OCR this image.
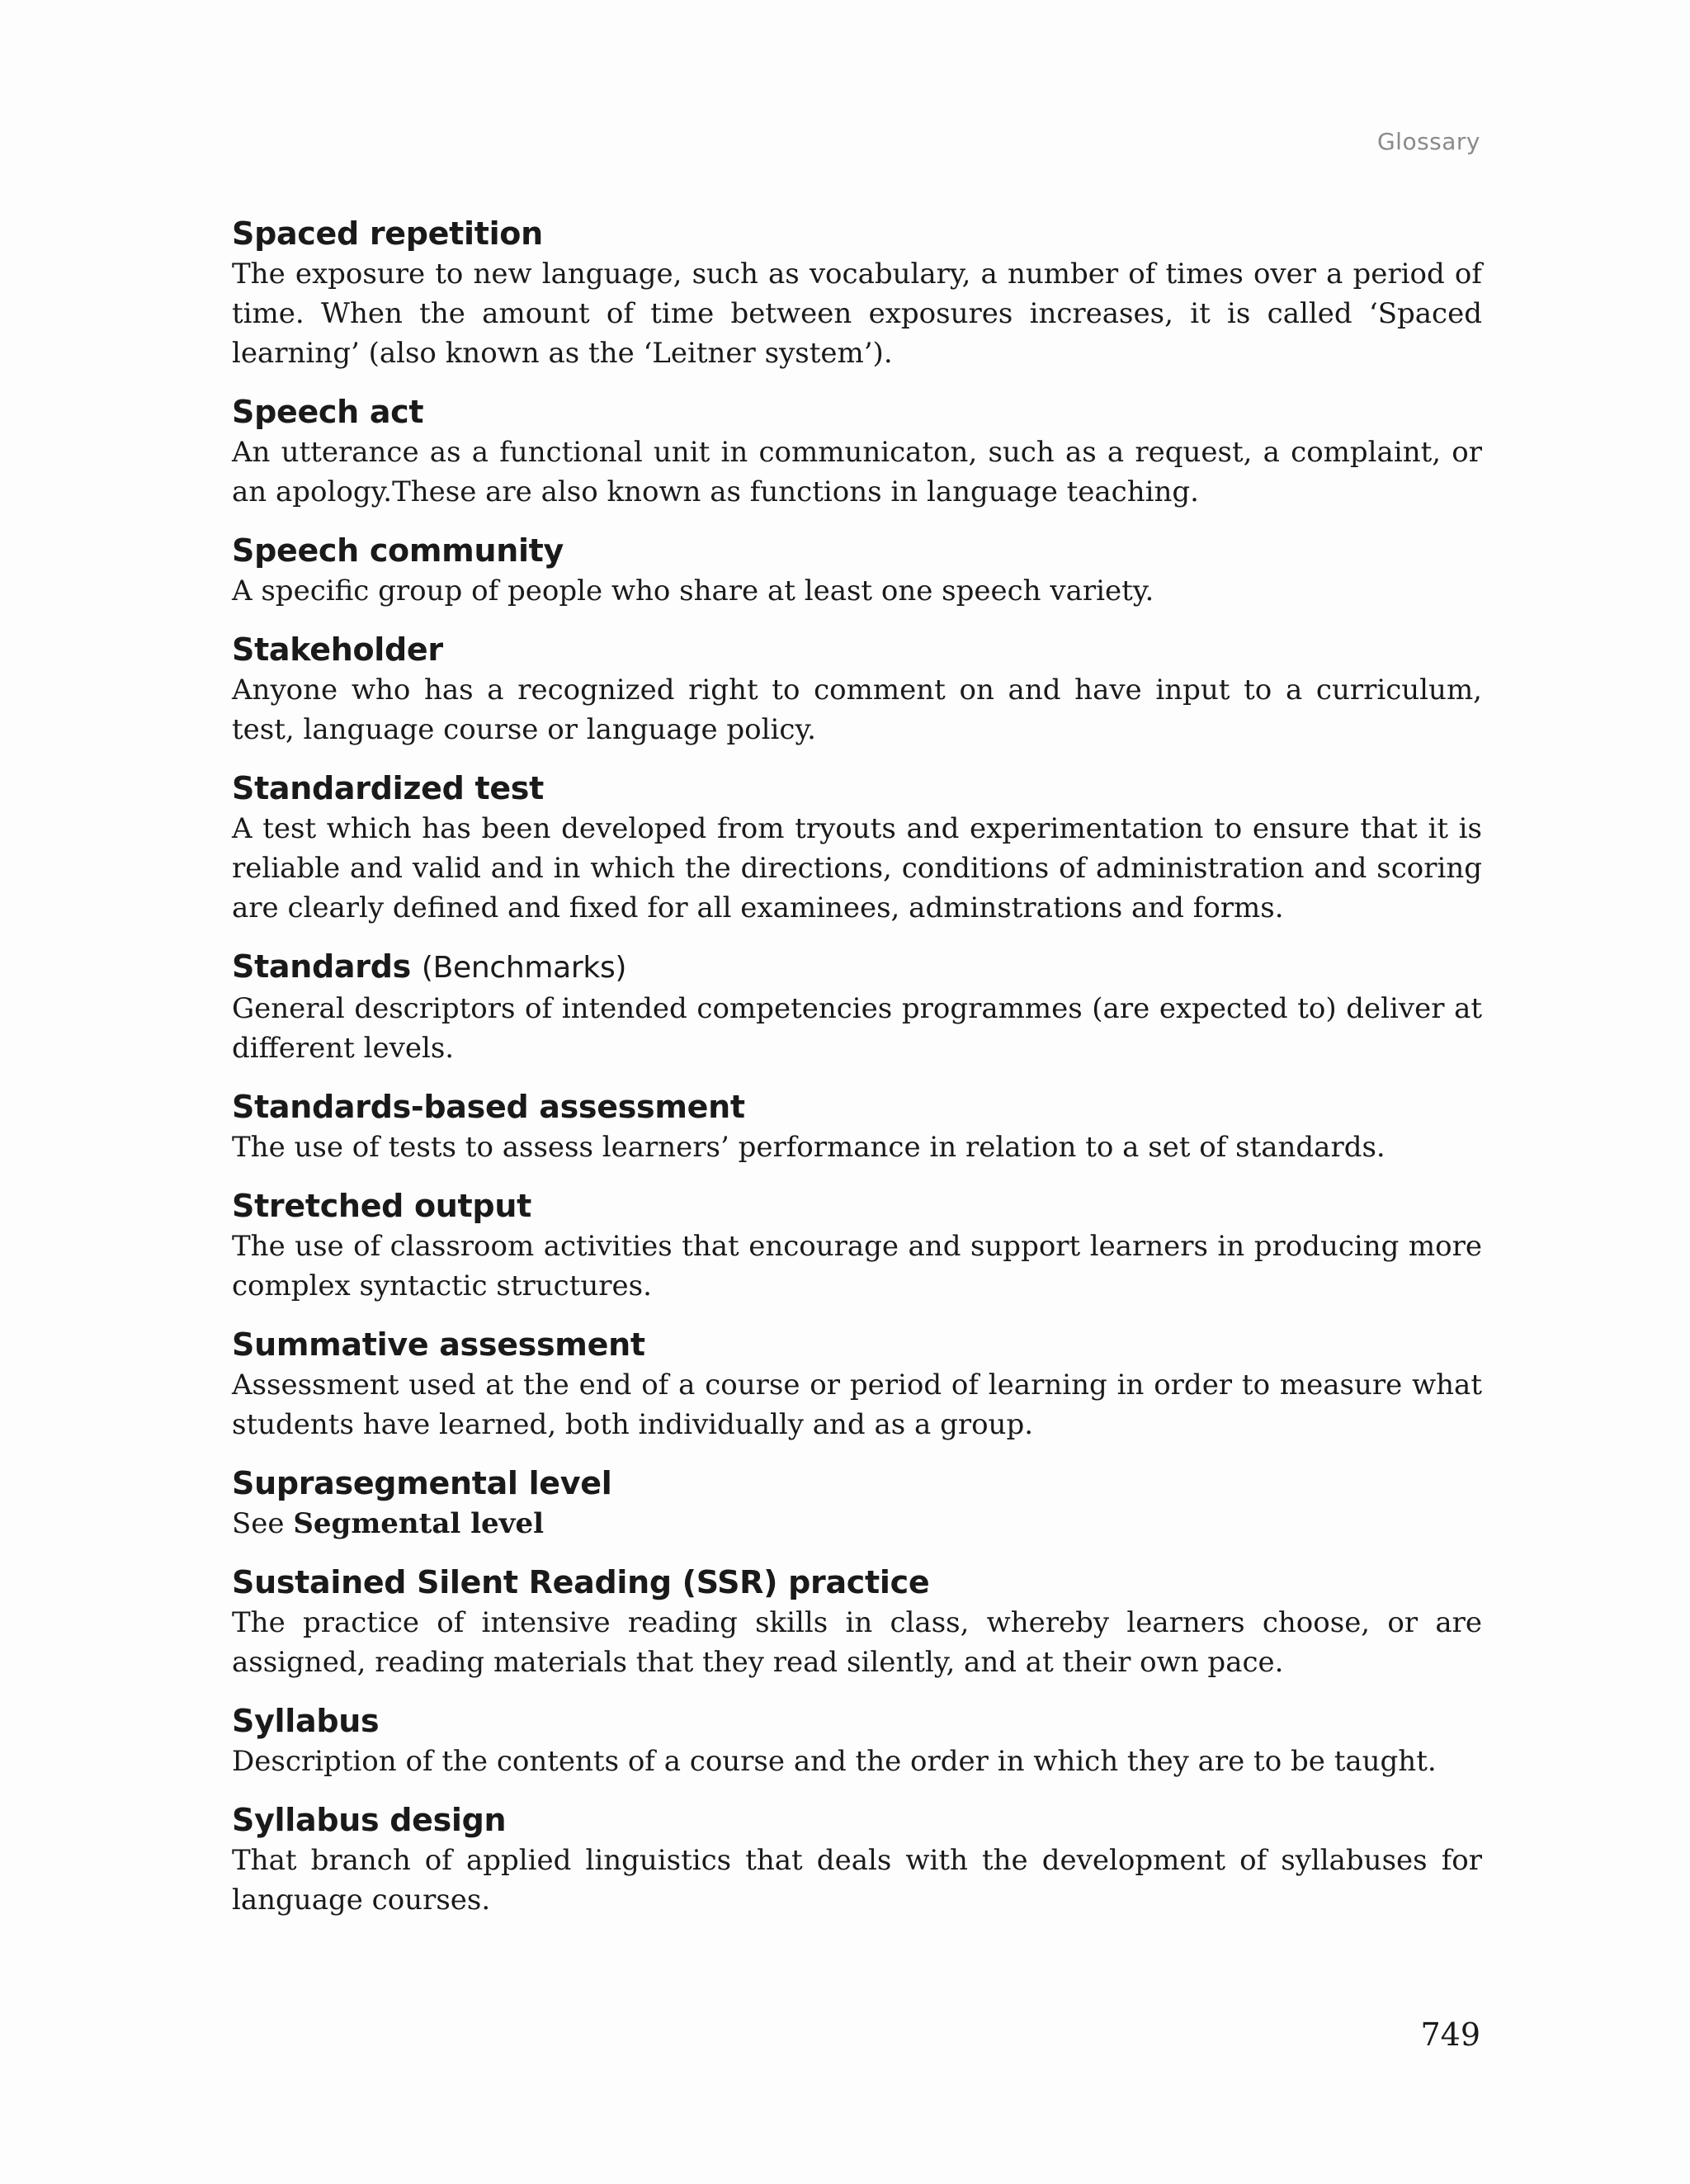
Glossary
Spaced repetition

The exposure to new language, such as vocabulary, a number of times over a period of time. When the amount of time between exposures increases, it is called ‘Spaced learning’ (also known as the ‘Leitner system’).

Speech act

An utterance as a functional unit in communicaton, such as a request, a complaint, or an apology.These are also known as functions in language teaching.

Speech community

A specific group of people who share at least one speech variety.

Stakeholder

Anyone who has a recognized right to comment on and have input to a curriculum, test, language course or language policy.

Standardized test

A test which has been developed from tryouts and experimentation to ensure that it is reliable and valid and in which the directions, conditions of administration and scoring are clearly defined and fixed for all examinees, adminstrations and forms.

Standards (Benchmarks)

General descriptors of intended competencies programmes (are expected to) deliver at different levels.

Standards-based assessment

The use of tests to assess learners’ performance in relation to a set of standards.

Stretched output

The use of classroom activities that encourage and support learners in producing more complex syntactic structures.

Summative assessment

Assessment used at the end of a course or period of learning in order to measure what students have learned, both individually and as a group.

Suprasegmental level

See Segmental level

Sustained Silent Reading (SSR) practice

The practice of intensive reading skills in class, whereby learners choose, or are assigned, reading materials that they read silently, and at their own pace.

Syllabus

Description of the contents of a course and the order in which they are to be taught.

Syllabus design

That branch of applied linguistics that deals with the development of syllabuses for language courses.

749
